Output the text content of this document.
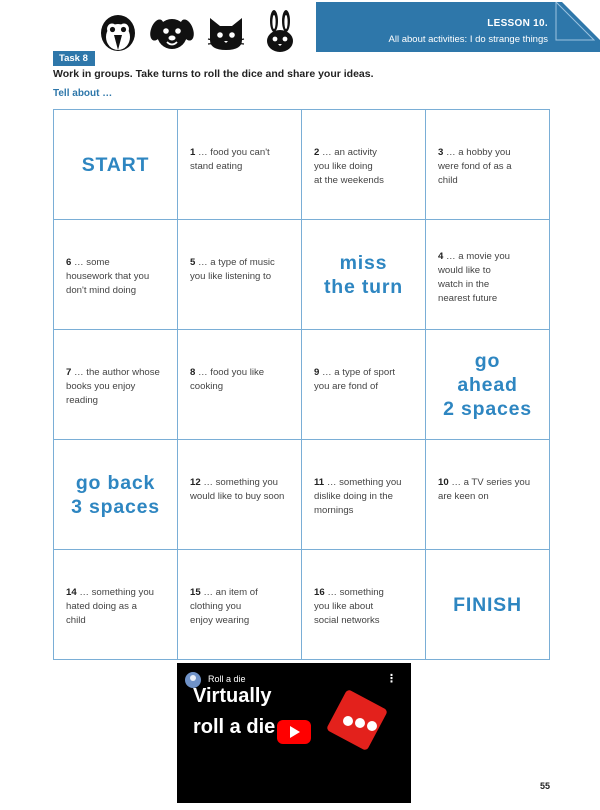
LESSON 10.
All about activities: I do strange things
Task 8
Work in groups. Take turns to roll the dice and share your ideas.
Tell about …
START
1 … food you can't
stand eating
2 … an activity
you like doing
at the weekends
3 … a hobby you
were fond of as a
child
6 … some
housework that you
don't mind doing
5 … a type of music
you like listening to
miss
the turn
4 … a movie you
would like to
watch in the
nearest future
7 … the author whose
books you enjoy
reading
8 … food you like
cooking
9 … a type of sport
you are fond of
go
ahead
2 spaces
go back
3 spaces
12 … something you
would like to buy soon
11 … something you
dislike doing in the
mornings
10 … a TV series you
are keen on
14 … something you
hated doing as a
child
15 … an item of
clothing you
enjoy wearing
16 … something
you like about
social networks
FINISH
Roll a die	⋮
Virtually
roll a die
55
